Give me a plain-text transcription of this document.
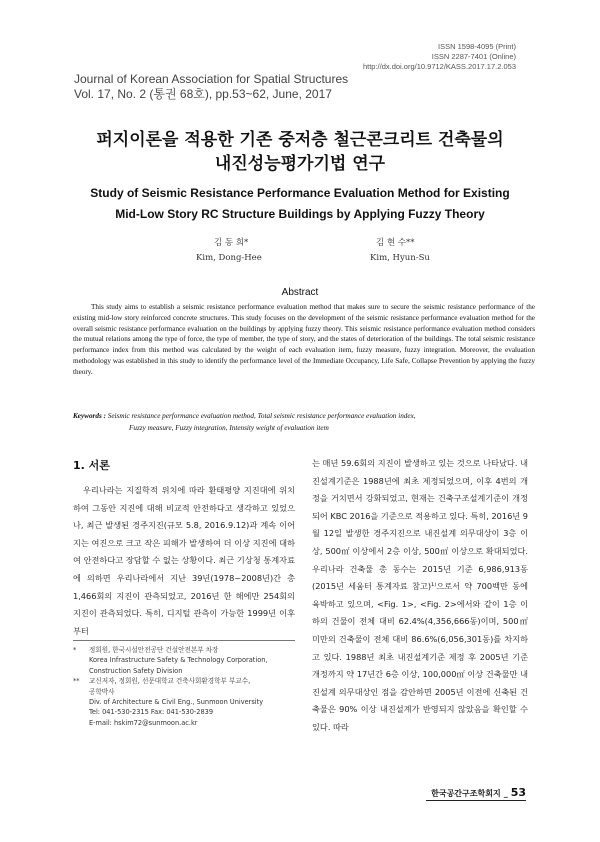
ISSN 1598-4095 (Print)
ISSN 2287-7401 (Online)
http://dx.doi.org/10.9712/KASS.2017.17.2.053
Journal of Korean Association for Spatial Structures
Vol. 17, No. 2 (통권 68호), pp.53~62, June, 2017
퍼지이론을 적용한 기존 중저층 철근콘크리트 건축물의
내진성능평가기법 연구
Study of Seismic Resistance Performance Evaluation Method for Existing
Mid-Low Story RC Structure Buildings by Applying Fuzzy Theory
김 동 희*
Kim, Dong-Hee
김 현 수**
Kim, Hyun-Su
Abstract
This study aims to establish a seismic resistance performance evaluation method that makes sure to secure the seismic resistance performance of the existing mid-low story reinforced concrete structures. This study focuses on the development of the seismic resistance performance evaluation method for the overall seismic resistance performance evaluation on the buildings by applying fuzzy theory. This seismic resistance performance evaluation method considers the mutual relations among the type of force, the type of member, the type of story, and the states of deterioration of the buildings. The total seismic resistance performance index from this method was calculated by the weight of each evaluation item, fuzzy measure, fuzzy integration. Moreover, the evaluation methodology was established in this study to identify the performance level of the Immediate Occupancy, Life Safe, Collapse Prevention by applying the fuzzy theory.
Keywords : Seismic resistance performance evaluation method, Total seismic resistance performance evaluation index,
Fuzzy measure, Fuzzy integration, Intensity weight of evaluation item
1. 서론
우리나라는 지질학적 위치에 따라 환태평양 지진대에 위치하여 그동안 지진에 대해 비교적 안전하다고 생각하고 있었으나, 최근 발생된 경주지진(규모 5.8, 2016.9.12)과 계속 이어지는 여진으로 크고 작은 피해가 발생하여 더 이상 지진에 대하여 안전하다고 장담할 수 없는 상황이다. 최근 기상청 통계자료에 의하면 우리나라에서 지난 39년(1978~2008년)간 총 1,466회의 지진이 관측되었고, 2016년 한 해에만 254회의 지진이 관측되었다. 특히, 디지털 관측이 가능한 1999년 이후부터
는 매년 59.6회의 지진이 발생하고 있는 것으로 나타났다. 내진설계기준은 1988년에 최초 제정되었으며, 이후 4번의 개정을 거치면서 강화되었고, 현재는 건축구조설계기준이 개정되어 KBC 2016을 기준으로 적용하고 있다. 특히, 2016년 9월 12일 발생한 경주지진으로 내진설계 의무대상이 3층 이상, 500㎡ 이상에서 2층 이상, 500㎡ 이상으로 확대되었다. 우리나라 건축물 총 동수는 2015년 기준 6,986,913동(2015년 세움터 통계자료 참고)¹⁾으로서 약 700백만 동에 육박하고 있으며, <Fig. 1>, <Fig. 2>에서와 같이 1층 이하의 건물이 전체 대비 62.4%(4,356,666동)이며, 500㎡ 미만의 건축물이 전체 대비 86.6%(6,056,301동)를 차지하고 있다. 1988년 최초 내진설계기준 제정 후 2005년 기준 개정까지 약 17년간 6층 이상, 100,000㎡ 이상 건축물만 내진설계 의무대상인 점을 감안하면 2005년 이전에 신축된 건축물은 90% 이상 내진설계가 반영되지 않았음을 확인할 수 있다. 따라
*	정회원, 한국시설안전공단 건설안전본부 차장
Korea Infrastructure Safety & Technology Corporation,
Construction Safety Division
**	교신저자, 정회원, 선문대학교 건축사회환경학부 부교수,
공학박사
Div. of Architecture & Civil Eng., Sunmoon University
Tel: 041-530-2315 Fax: 041-530-2839
E-mail: hskim72@sunmoon.ac.kr
한국공간구조학회지 _ 53
